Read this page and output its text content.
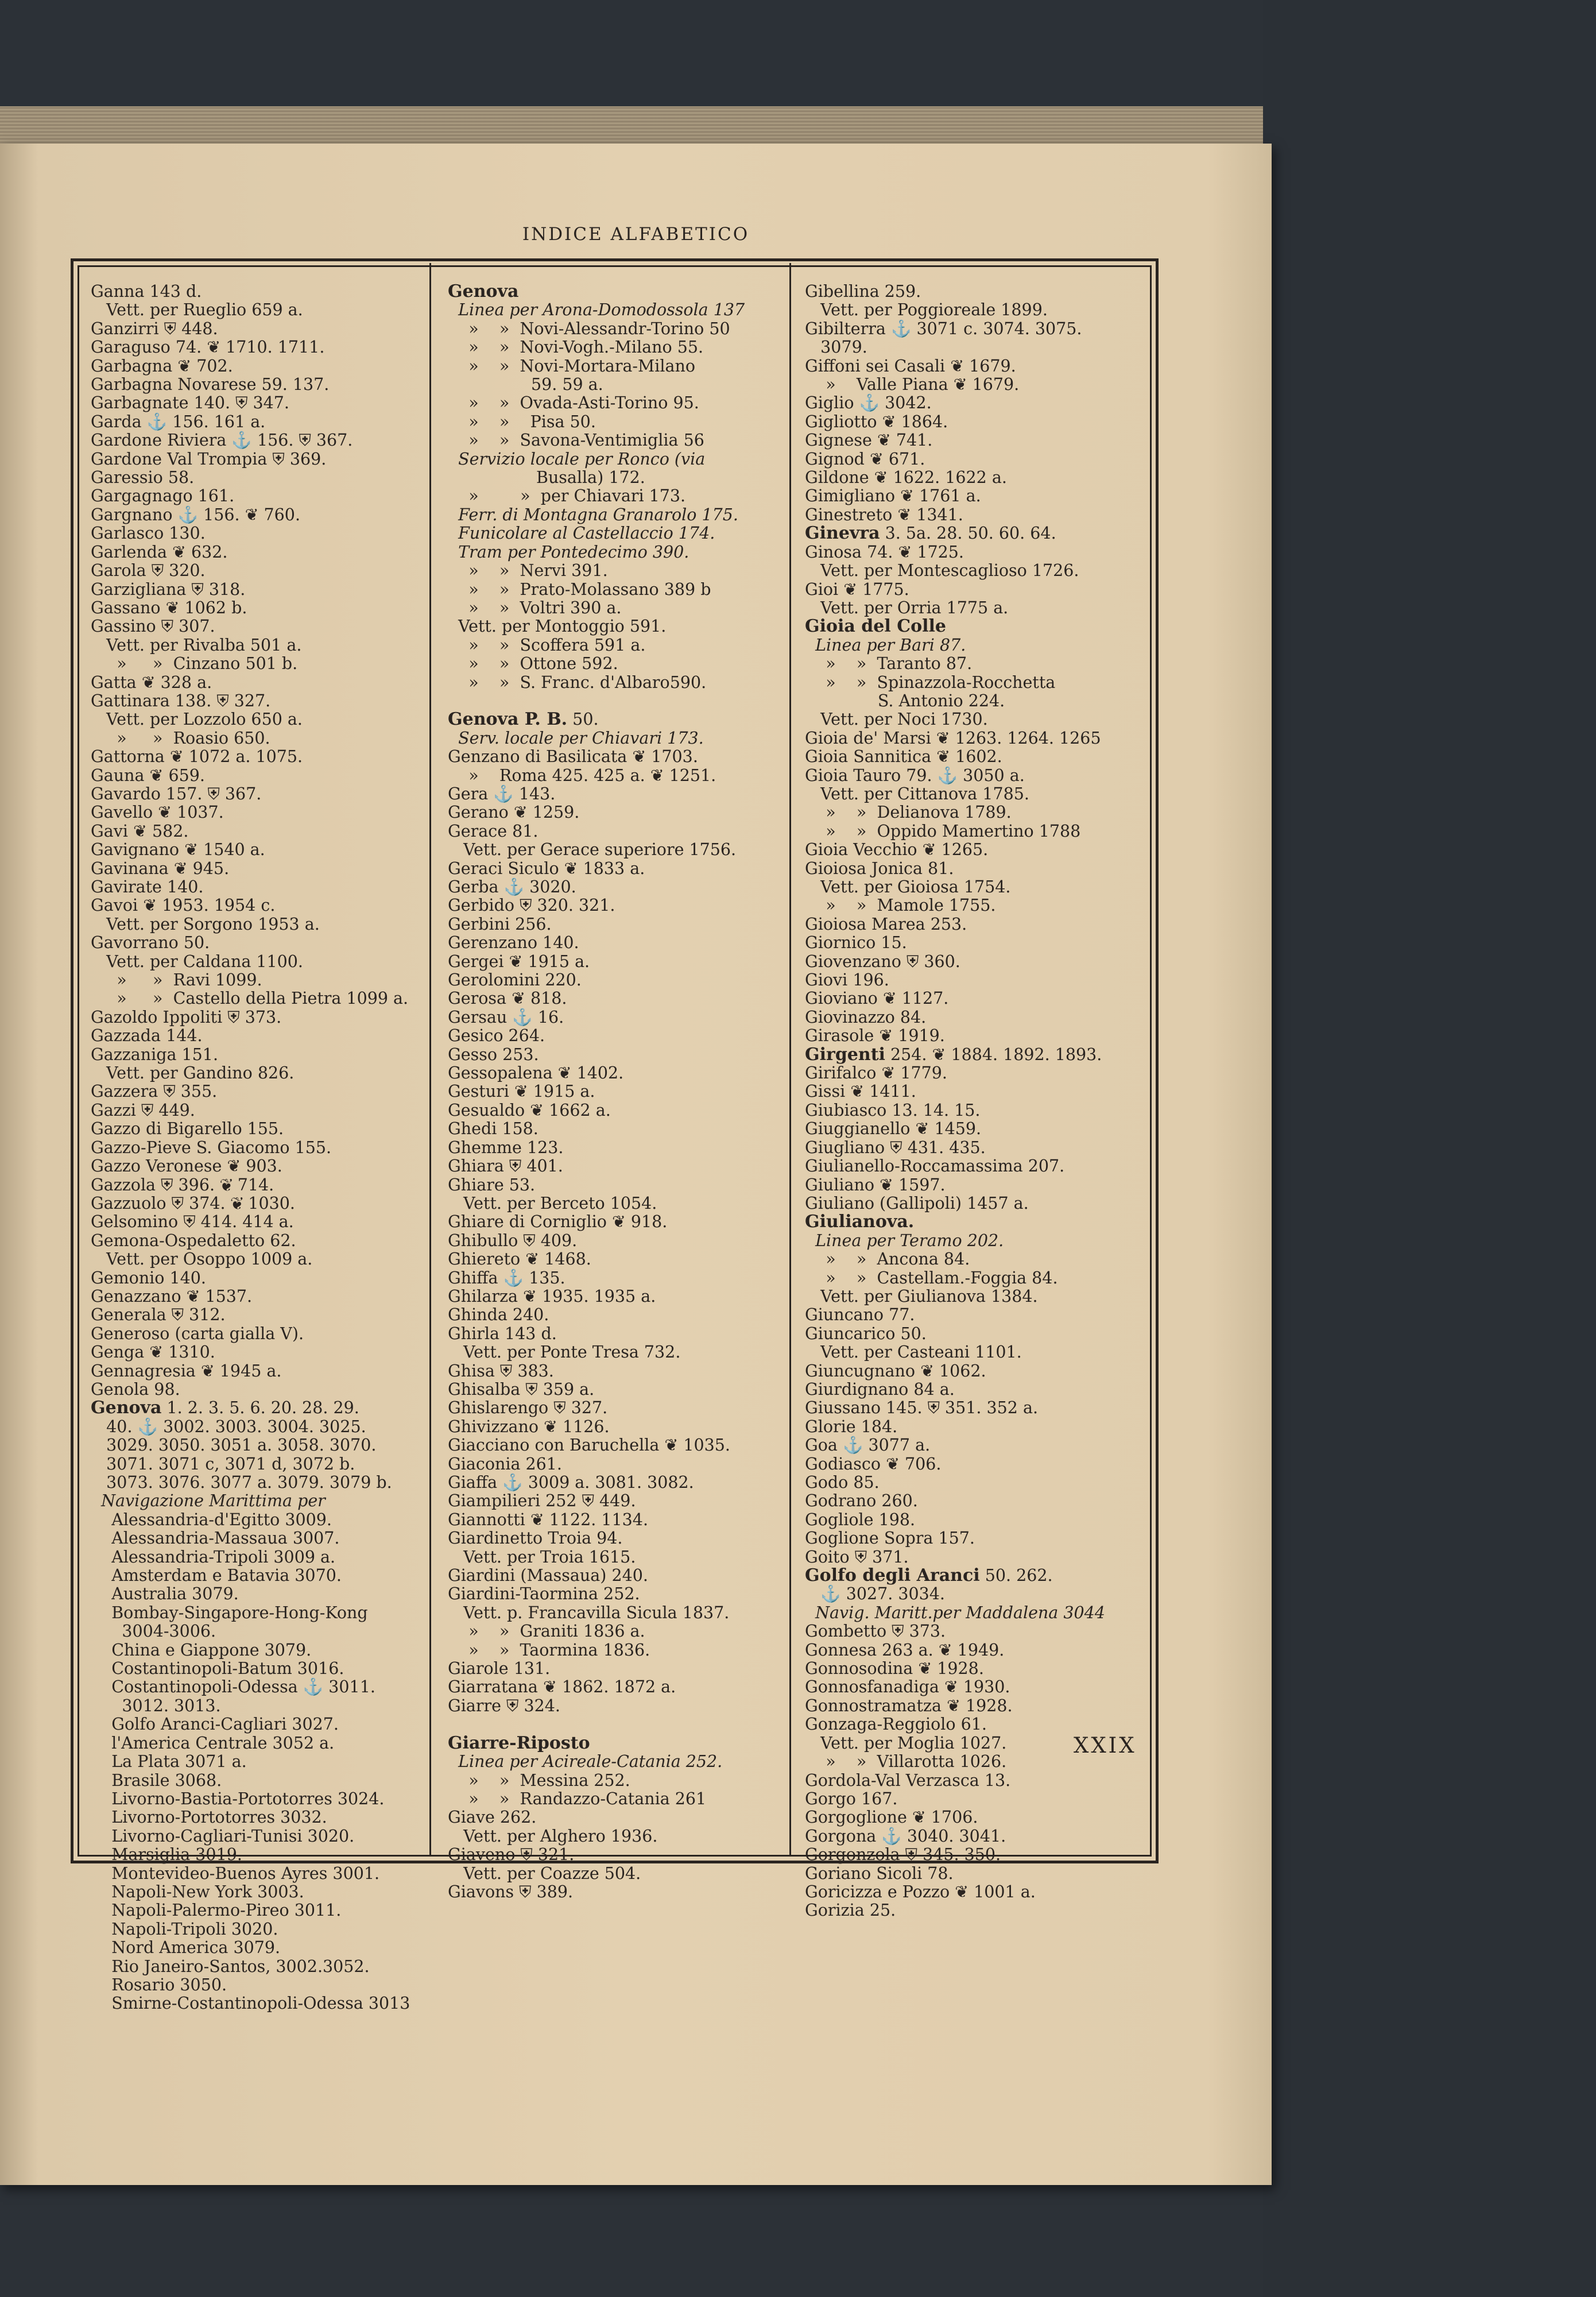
INDICE ALFABETICO
Ganna 143 d.
Vett. per Rueglio 659 a.
Ganzirri ⛨ 448.
Garaguso 74. ❦ 1710. 1711.
Garbagna ❦ 702.
Garbagna Novarese 59. 137.
Garbagnate 140. ⛨ 347.
Garda ⚓ 156. 161 a.
Gardone Riviera ⚓ 156. ⛨ 367.
Gardone Val Trompia ⛨ 369.
Garessio 58.
Gargagnago 161.
Gargnano ⚓ 156. ❦ 760.
Garlasco 130.
Garlenda ❦ 632.
Garola ⛨ 320.
Garzigliana ⛨ 318.
Gassano ❦ 1062 b.
Gassino ⛨ 307.
Vett. per Rivalba 501 a.
»     »  Cinzano 501 b.
Gatta ❦ 328 a.
Gattinara 138. ⛨ 327.
Vett. per Lozzolo 650 a.
»     »  Roasio 650.
Gattorna ❦ 1072 a. 1075.
Gauna ❦ 659.
Gavardo 157. ⛨ 367.
Gavello ❦ 1037.
Gavi ❦ 582.
Gavignano ❦ 1540 a.
Gavinana ❦ 945.
Gavirate 140.
Gavoi ❦ 1953. 1954 c.
Vett. per Sorgono 1953 a.
Gavorrano 50.
Vett. per Caldana 1100.
»     »  Ravi 1099.
»     »  Castello della Pietra 1099 a.
Gazoldo Ippoliti ⛨ 373.
Gazzada 144.
Gazzaniga 151.
Vett. per Gandino 826.
Gazzera ⛨ 355.
Gazzi ⛨ 449.
Gazzo di Bigarello 155.
Gazzo-Pieve S. Giacomo 155.
Gazzo Veronese ❦ 903.
Gazzola ⛨ 396. ❦ 714.
Gazzuolo ⛨ 374. ❦ 1030.
Gelsomino ⛨ 414. 414 a.
Gemona-Ospedaletto 62.
Vett. per Osoppo 1009 a.
Gemonio 140.
Genazzano ❦ 1537.
Generala ⛨ 312.
Generoso (carta gialla V).
Genga ❦ 1310.
Gennagresia ❦ 1945 a.
Genola 98.
Genova 1. 2. 3. 5. 6. 20. 28. 29.
40. ⚓ 3002. 3003. 3004. 3025.
3029. 3050. 3051 a. 3058. 3070.
3071. 3071 c, 3071 d, 3072 b.
3073. 3076. 3077 a. 3079. 3079 b.
Navigazione Marittima per
Alessandria-d'Egitto 3009.
Alessandria-Massaua 3007.
Alessandria-Tripoli 3009 a.
Amsterdam e Batavia 3070.
Australia 3079.
Bombay-Singapore-Hong-Kong
3004-3006.
China e Giappone 3079.
Costantinopoli-Batum 3016.
Costantinopoli-Odessa ⚓ 3011.
3012. 3013.
Golfo Aranci-Cagliari 3027.
l'America Centrale 3052 a.
La Plata 3071 a.
Brasile 3068.
Livorno-Bastia-Portotorres 3024.
Livorno-Portotorres 3032.
Livorno-Cagliari-Tunisi 3020.
Marsiglia 3019.
Montevideo-Buenos Ayres 3001.
Napoli-New York 3003.
Napoli-Palermo-Pireo 3011.
Napoli-Tripoli 3020.
Nord America 3079.
Rio Janeiro-Santos, 3002.3052.
Rosario 3050.
Smirne-Costantinopoli-Odessa 3013
Genova
Linea per Arona-Domodossola 137
»    »  Novi-Alessandr-Torino 50
»    »  Novi-Vogh.-Milano 55.
»    »  Novi-Mortara-Milano
59. 59 a.
»    »  Ovada-Asti-Torino 95.
»    »    Pisa 50.
»    »  Savona-Ventimiglia 56
Servizio locale per Ronco (via
Busalla) 172.
»        »  per Chiavari 173.
Ferr. di Montagna Granarolo 175.
Funicolare al Castellaccio 174.
Tram per Pontedecimo 390.
»    »  Nervi 391.
»    »  Prato-Molassano 389 b
»    »  Voltri 390 a.
Vett. per Montoggio 591.
»    »  Scoffera 591 a.
»    »  Ottone 592.
»    »  S. Franc. d'Albaro590.

Genova P. B. 50.
Serv. locale per Chiavari 173.
Genzano di Basilicata ❦ 1703.
»    Roma 425. 425 a. ❦ 1251.
Gera ⚓ 143.
Gerano ❦ 1259.
Gerace 81.
Vett. per Gerace superiore 1756.
Geraci Siculo ❦ 1833 a.
Gerba ⚓ 3020.
Gerbido ⛨ 320. 321.
Gerbini 256.
Gerenzano 140.
Gergei ❦ 1915 a.
Gerolomini 220.
Gerosa ❦ 818.
Gersau ⚓ 16.
Gesico 264.
Gesso 253.
Gessopalena ❦ 1402.
Gesturi ❦ 1915 a.
Gesualdo ❦ 1662 a.
Ghedi 158.
Ghemme 123.
Ghiara ⛨ 401.
Ghiare 53.
Vett. per Berceto 1054.
Ghiare di Corniglio ❦ 918.
Ghibullo ⛨ 409.
Ghiereto ❦ 1468.
Ghiffa ⚓ 135.
Ghilarza ❦ 1935. 1935 a.
Ghinda 240.
Ghirla 143 d.
Vett. per Ponte Tresa 732.
Ghisa ⛨ 383.
Ghisalba ⛨ 359 a.
Ghislarengo ⛨ 327.
Ghivizzano ❦ 1126.
Giacciano con Baruchella ❦ 1035.
Giaconia 261.
Giaffa ⚓ 3009 a. 3081. 3082.
Giampilieri 252 ⛨ 449.
Giannotti ❦ 1122. 1134.
Giardinetto Troia 94.
Vett. per Troia 1615.
Giardini (Massaua) 240.
Giardini-Taormina 252.
Vett. p. Francavilla Sicula 1837.
»    »  Graniti 1836 a.
»    »  Taormina 1836.
Giarole 131.
Giarratana ❦ 1862. 1872 a.
Giarre ⛨ 324.

Giarre-Riposto
Linea per Acireale-Catania 252.
»    »  Messina 252.
»    »  Randazzo-Catania 261
Giave 262.
Vett. per Alghero 1936.
Giaveno ⛨ 321.
Vett. per Coazze 504.
Giavons ⛨ 389.
Gibellina 259.
Vett. per Poggioreale 1899.
Gibilterra ⚓ 3071 c. 3074. 3075.
3079.
Giffoni sei Casali ❦ 1679.
»    Valle Piana ❦ 1679.
Giglio ⚓ 3042.
Gigliotto ❦ 1864.
Gignese ❦ 741.
Gignod ❦ 671.
Gildone ❦ 1622. 1622 a.
Gimigliano ❦ 1761 a.
Ginestreto ❦ 1341.
Ginevra 3. 5a. 28. 50. 60. 64.
Ginosa 74. ❦ 1725.
Vett. per Montescaglioso 1726.
Gioi ❦ 1775.
Vett. per Orria 1775 a.
Gioia del Colle
Linea per Bari 87.
»    »  Taranto 87.
»    »  Spinazzola-Rocchetta
S. Antonio 224.
Vett. per Noci 1730.
Gioia de' Marsi ❦ 1263. 1264. 1265
Gioia Sannitica ❦ 1602.
Gioia Tauro 79. ⚓ 3050 a.
Vett. per Cittanova 1785.
»    »  Delianova 1789.
»    »  Oppido Mamertino 1788
Gioia Vecchio ❦ 1265.
Gioiosa Jonica 81.
Vett. per Gioiosa 1754.
»    »  Mamole 1755.
Gioiosa Marea 253.
Giornico 15.
Giovenzano ⛨ 360.
Giovi 196.
Gioviano ❦ 1127.
Giovinazzo 84.
Girasole ❦ 1919.
Girgenti 254. ❦ 1884. 1892. 1893.
Girifalco ❦ 1779.
Gissi ❦ 1411.
Giubiasco 13. 14. 15.
Giuggianello ❦ 1459.
Giugliano ⛨ 431. 435.
Giulianello-Roccamassima 207.
Giuliano ❦ 1597.
Giuliano (Gallipoli) 1457 a.
Giulianova.
Linea per Teramo 202.
»    »  Ancona 84.
»    »  Castellam.-Foggia 84.
Vett. per Giulianova 1384.
Giuncano 77.
Giuncarico 50.
Vett. per Casteani 1101.
Giuncugnano ❦ 1062.
Giurdignano 84 a.
Giussano 145. ⛨ 351. 352 a.
Glorie 184.
Goa ⚓ 3077 a.
Godiasco ❦ 706.
Godo 85.
Godrano 260.
Gogliole 198.
Goglione Sopra 157.
Goito ⛨ 371.
Golfo degli Aranci 50. 262.
⚓ 3027. 3034.
Navig. Maritt.per Maddalena 3044
Gombetto ⛨ 373.
Gonnesa 263 a. ❦ 1949.
Gonnosodina ❦ 1928.
Gonnosfanadiga ❦ 1930.
Gonnostramatza ❦ 1928.
Gonzaga-Reggiolo 61.
Vett. per Moglia 1027.
»    »  Villarotta 1026.
Gordola-Val Verzasca 13.
Gorgo 167.
Gorgoglione ❦ 1706.
Gorgona ⚓ 3040. 3041.
Gorgonzola ⛨ 345. 350.
Goriano Sicoli 78.
Goricizza e Pozzo ❦ 1001 a.
Gorizia 25.
XXIX
